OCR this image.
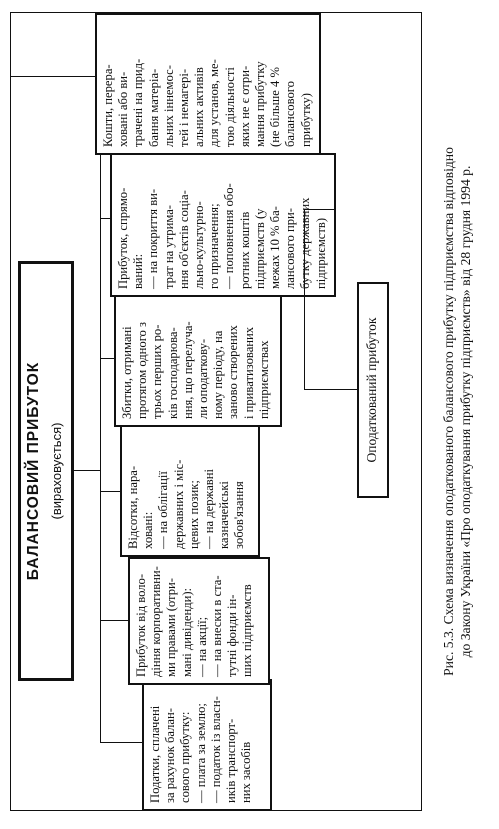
БАЛАНСОВИЙ ПРИБУТОК (вираховується)
Податки, сплачені за рахунок балан- сового прибутку: — плата за землю; — податок із власн- иків транспорт- них засобів
Прибуток від воло- діння корпоративни- ми правами (отри- мані дивіденди): — на акції; — на внески в ста- тутні фонди ін- ших підприємств
Відсотки, нара- ховані: — на облігації державних і міс- цевих позик; — на державні казначейські зобов'язання
Збитки, отримані протягом одного з трьох перших ро- ків господарюва- ння, що перелуча- ли оподаткову- ному періоду, на заново створених і приватизованих підприємствах
Прибуток, спрямо- ваний: — на покриття ви- трат на утрима- ння об'єктів соціа- льно-культурно- го призначення; — поповнення обо- ротних коштів підприємств (у межах 10 % ба- лансового при- бутку державних підприємств)
Кошти, перера- ховані або ви- трачені на прид- бання матеріа- льних іннемос- тей і немагері- альних активів для установ, ме- тою діяльності яких не є отри- мання прибутку (не більше 4 % балансового прибутку)
Оподаткований прибуток	Рис. 5.3. Схема визначення оподаткованого балансового прибутку підприємства відповідно до Закону України «Про оподаткування прибутку підприємств» від 28 грудня 1994 р.
